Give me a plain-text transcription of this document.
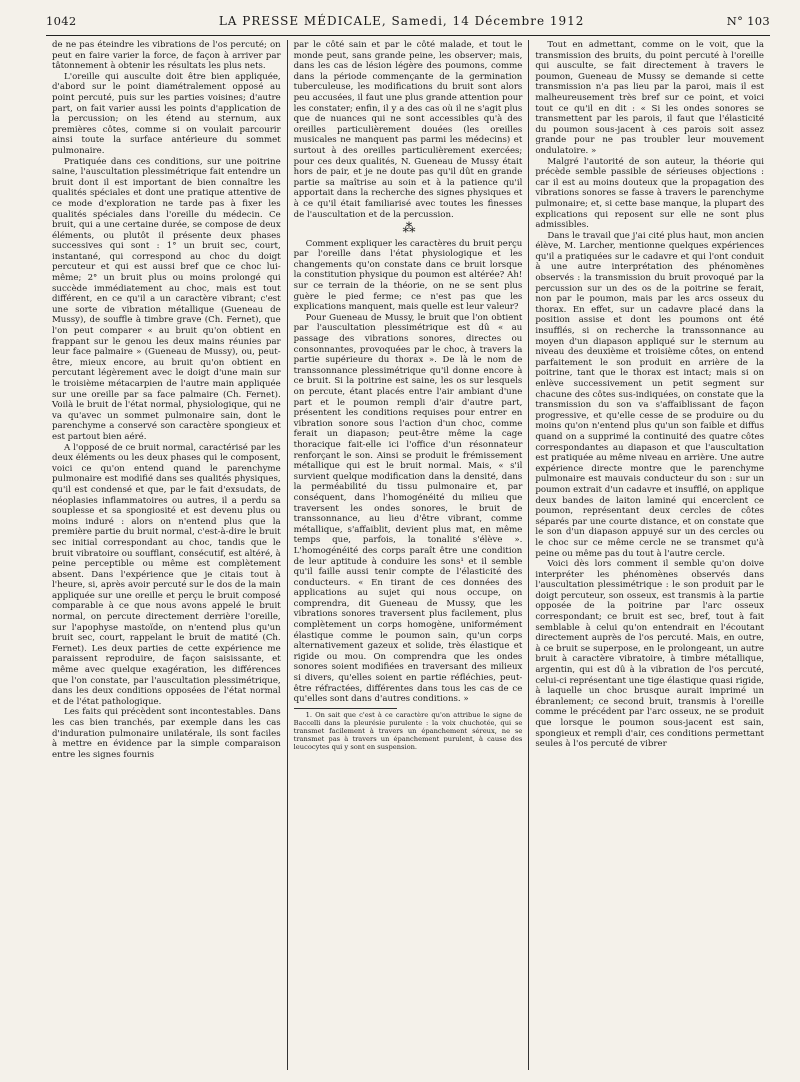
1042	LA PRESSE MÉDICALE, Samedi, 14 Décembre 1912	N° 103

de ne pas éteindre les vibrations de l'os percuté; on peut en faire varier la force, de façon à arriver par tâtonnement à obtenir les résultats les plus nets.

L'oreille qui ausculte doit être bien appliquée, d'abord sur le point diamétralement opposé au point percuté, puis sur les parties voisines; d'autre part, on fait varier aussi les points d'application de la percussion; on les étend au sternum, aux premières côtes, comme si on voulait parcourir ainsi toute la surface antérieure du sommet pulmonaire.

Pratiquée dans ces conditions, sur une poitrine saine, l'auscultation plessimétrique fait entendre un bruit dont il est important de bien connaître les qualités spéciales et dont une pratique attentive de ce mode d'exploration ne tarde pas à fixer les qualités spéciales dans l'oreille du médecin. Ce bruit, qui a une certaine durée, se compose de deux éléments, ou plutôt il présente deux phases successives qui sont : 1° un bruit sec, court, instantané, qui correspond au choc du doigt percuteur et qui est aussi bref que ce choc lui-même; 2° un bruit plus ou moins prolongé qui succède immédiatement au choc, mais est tout différent, en ce qu'il a un caractère vibrant; c'est une sorte de vibration métallique (Gueneau de Mussy), de souffle à timbre grave (Ch. Fernet), que l'on peut comparer « au bruit qu'on obtient en frappant sur le genou les deux mains réunies par leur face palmaire » (Gueneau de Mussy), ou, peut-être, mieux encore, au bruit qu'on obtient en percutant légèrement avec le doigt d'une main sur le troisième métacarpien de l'autre main appliquée sur une oreille par sa face palmaire (Ch. Fernet). Voilà le bruit de l'état normal, physiologique, qui ne va qu'avec un sommet pulmonaire sain, dont le parenchyme a conservé son caractère spongieux et est partout bien aéré.

A l'opposé de ce bruit normal, caractérisé par les deux éléments ou les deux phases qui le composent, voici ce qu'on entend quand le parenchyme pulmonaire est modifié dans ses qualités physiques, qu'il est condensé et que, par le fait d'exsudats, de néoplasies inflammatoires ou autres, il a perdu sa souplesse et sa spongiosité et est devenu plus ou moins induré : alors on n'entend plus que la première partie du bruit normal, c'est-à-dire le bruit sec initial correspondant au choc, tandis que le bruit vibratoire ou soufflant, consécutif, est altéré, à peine perceptible ou même est complètement absent. Dans l'expérience que je citais tout à l'heure, si, après avoir percuté sur le dos de la main appliquée sur une oreille et perçu le bruit composé comparable à ce que nous avons appelé le bruit normal, on percute directement derrière l'oreille, sur l'apophyse mastoïde, on n'entend plus qu'un bruit sec, court, rappelant le bruit de matité (Ch. Fernet). Les deux parties de cette expérience me paraissent reproduire, de façon saisissante, et même avec quelque exagération, les différences que l'on constate, par l'auscultation plessimétrique, dans les deux conditions opposées de l'état normal et de l'état pathologique.

Les faits qui précèdent sont incontestables. Dans les cas bien tranchés, par exemple dans les cas d'induration pulmonaire unilatérale, ils sont faciles à mettre en évidence par la simple comparaison entre les signes fournis

par le côté sain et par le côté malade, et tout le monde peut, sans grande peine, les observer; mais, dans les cas de lésion légère des poumons, comme dans la période commençante de la germination tuberculeuse, les modifications du bruit sont alors peu accusées, il faut une plus grande attention pour les constater; enfin, il y a des cas où il ne s'agit plus que de nuances qui ne sont accessibles qu'à des oreilles particulièrement douées (les oreilles musicales ne manquent pas parmi les médecins) et surtout à des oreilles particulièrement exercées; pour ces deux qualités, N. Gueneau de Mussy était hors de pair, et je ne doute pas qu'il dût en grande partie sa maîtrise au soin et à la patience qu'il apportait dans la recherche des signes physiques et à ce qu'il était familiarisé avec toutes les finesses de l'auscultation et de la percussion.

⁂

Comment expliquer les caractères du bruit perçu par l'oreille dans l'état physiologique et les changements qu'on constate dans ce bruit lorsque la constitution physique du poumon est altérée? Ah! sur ce terrain de la théorie, on ne se sent plus guère le pied ferme; ce n'est pas que les explications manquent, mais quelle est leur valeur?

Pour Gueneau de Mussy, le bruit que l'on obtient par l'auscultation plessimétrique est dû « au passage des vibrations sonores, directes ou consonnantes, provoquées par le choc, à travers la partie supérieure du thorax ». De là le nom de transsonnance plessimétrique qu'il donne encore à ce bruit. Si la poitrine est saine, les os sur lesquels on percute, étant placés entre l'air ambiant d'une part et le poumon rempli d'air d'autre part, présentent les conditions requises pour entrer en vibration sonore sous l'action d'un choc, comme ferait un diapason; peut-être même la cage thoracique fait-elle ici l'office d'un résonnateur renforçant le son. Ainsi se produit le frémissement métallique qui est le bruit normal. Mais, « s'il survient quelque modification dans la densité, dans la perméabilité du tissu pulmonaire et, par conséquent, dans l'homogénéité du milieu que traversent les ondes sonores, le bruit de transsonnance, au lieu d'être vibrant, comme métallique, s'affaiblit, devient plus mat, en même temps que, parfois, la tonalité s'élève ». L'homogénéité des corps paraît être une condition de leur aptitude à conduire les sons¹ et il semble qu'il faille aussi tenir compte de l'élasticité des conducteurs. « En tirant de ces données des applications au sujet qui nous occupe, on comprendra, dit Gueneau de Mussy, que les vibrations sonores traversent plus facilement, plus complètement un corps homogène, uniformément élastique comme le poumon sain, qu'un corps alternativement gazeux et solide, très élastique et rigide ou mou. On comprendra que les ondes sonores soient modifiées en traversant des milieux si divers, qu'elles soient en partie réfléchies, peut-être réfractées, différentes dans tous les cas de ce qu'elles sont dans d'autres conditions. »

1. On sait que c'est à ce caractère qu'on attribue le signe de Baccelli dans la pleurésie purulente : la voix chuchotée, qui se transmet facilement à travers un épanchement séreux, ne se transmet pas à travers un épanchement purulent, à cause des leucocytes qui y sont en suspension.

Tout en admettant, comme on le voit, que la transmission des bruits, du point percuté à l'oreille qui ausculte, se fait directement à travers le poumon, Gueneau de Mussy se demande si cette transmission n'a pas lieu par la paroi, mais il est malheureusement très bref sur ce point, et voici tout ce qu'il en dit : « Si les ondes sonores se transmettent par les parois, il faut que l'élasticité du poumon sous-jacent à ces parois soit assez grande pour ne pas troubler leur mouvement ondulatoire. »

Malgré l'autorité de son auteur, la théorie qui précède semble passible de sérieuses objections : car il est au moins douteux que la propagation des vibrations sonores se fasse à travers le parenchyme pulmonaire; et, si cette base manque, la plupart des explications qui reposent sur elle ne sont plus admissibles.

Dans le travail que j'ai cité plus haut, mon ancien élève, M. Larcher, mentionne quelques expériences qu'il a pratiquées sur le cadavre et qui l'ont conduit à une autre interprétation des phénomènes observés : la transmission du bruit provoqué par la percussion sur un des os de la poitrine se ferait, non par le poumon, mais par les arcs osseux du thorax. En effet, sur un cadavre placé dans la position assise et dont les poumons ont été insufflés, si on recherche la transsonnance au moyen d'un diapason appliqué sur le sternum au niveau des deuxième et troisième côtes, on entend parfaitement le son produit en arrière de la poitrine, tant que le thorax est intact; mais si on enlève successivement un petit segment sur chacune des côtes sus-indiquées, on constate que la transmission du son va s'affaiblissant de façon progressive, et qu'elle cesse de se produire ou du moins qu'on n'entend plus qu'un son faible et diffus quand on a supprimé la continuité des quatre côtes correspondantes au diapason et que l'auscultation est pratiquée au même niveau en arrière. Une autre expérience directe montre que le parenchyme pulmonaire est mauvais conducteur du son : sur un poumon extrait d'un cadavre et insufflé, on applique deux bandes de laiton laminé qui encerclent ce poumon, représentant deux cercles de côtes séparés par une courte distance, et on constate que le son d'un diapason appuyé sur un des cercles ou le choc sur ce même cercle ne se transmet qu'à peine ou même pas du tout à l'autre cercle.

Voici dès lors comment il semble qu'on doive interpréter les phénomènes observés dans l'auscultation plessimétrique : le son produit par le doigt percuteur, son osseux, est transmis à la partie opposée de la poitrine par l'arc osseux correspondant; ce bruit est sec, bref, tout à fait semblable à celui qu'on entendrait en l'écoutant directement auprès de l'os percuté. Mais, en outre, à ce bruit se superpose, en le prolongeant, un autre bruit à caractère vibratoire, à timbre métallique, argentin, qui est dû à la vibration de l'os percuté, celui-ci représentant une tige élastique quasi rigide, à laquelle un choc brusque aurait imprimé un ébranlement; ce second bruit, transmis à l'oreille comme le précédent par l'arc osseux, ne se produit que lorsque le poumon sous-jacent est sain, spongieux et rempli d'air, ces conditions permettant seules à l'os percuté de vibrer
